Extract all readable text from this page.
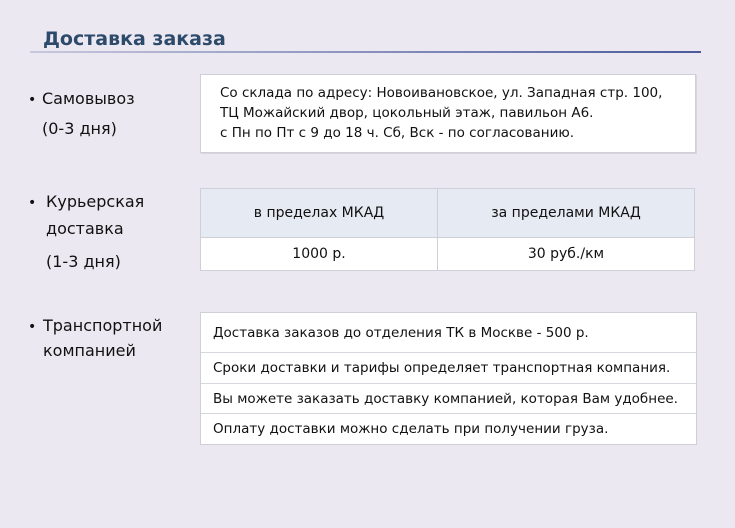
Доставка заказа
• Самовывоз
(0-3 дня)
Со склада по адресу: Новоивановское, ул. Западная стр. 100,
ТЦ Можайский двор, цокольный этаж, павильон А6.
с Пн по Пт с 9 до 18 ч. Сб, Вск - по согласованию.
• Курьерская
доставка
(1-3 дня)
в пределах МКАД	за пределами МКАД
1000 р.	30 руб./км
• Транспортной
компанией
Доставка заказов до отделения ТК в Москве - 500 р.
Сроки доставки и тарифы определяет транспортная компания.
Вы можете заказать доставку компанией, которая Вам удобнее.
Оплату доставки можно сделать при получении груза.
